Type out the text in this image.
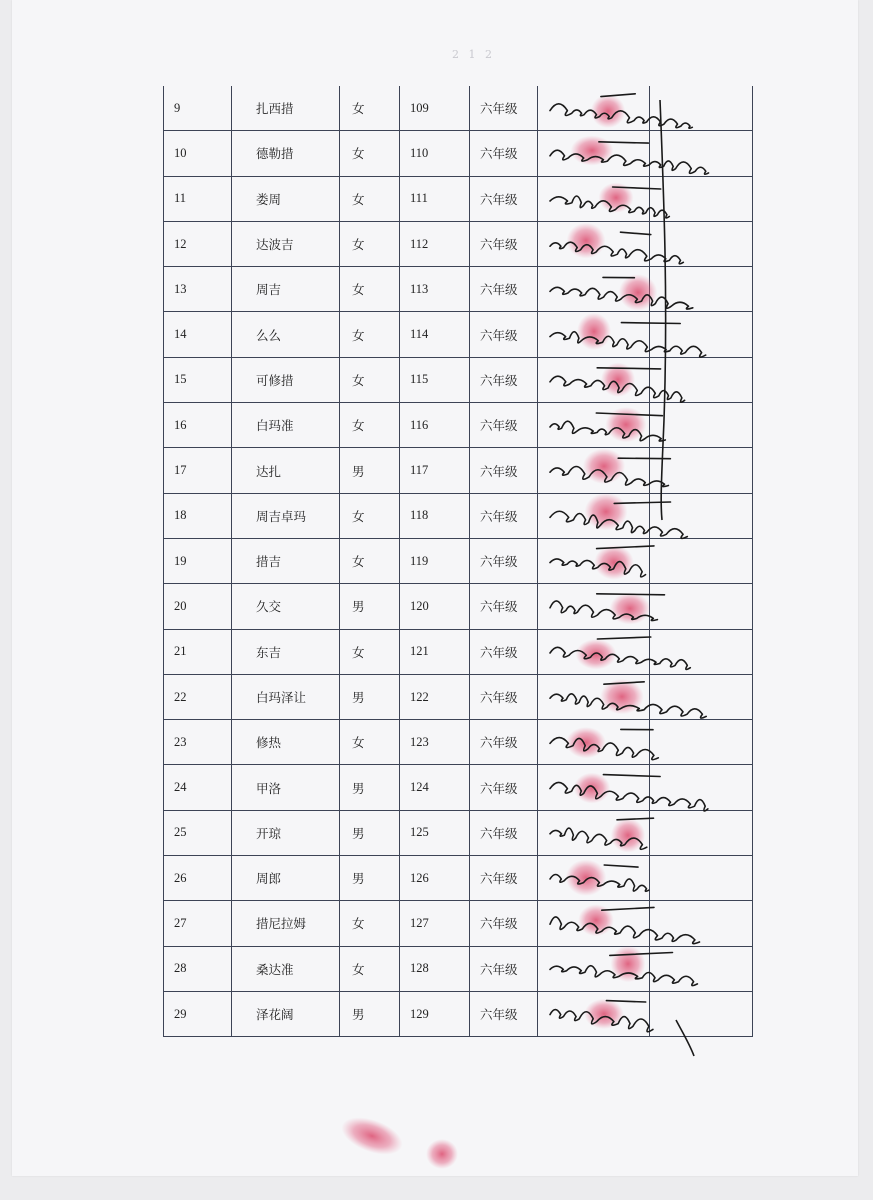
2 1 2
9	扎西措	女	109	六年级		
10	德勒措	女	110	六年级		
11	娄周	女	111	六年级		
12	达波吉	女	112	六年级		
13	周吉	女	113	六年级		
14	么么	女	114	六年级		
15	可修措	女	115	六年级		
16	白玛准	女	116	六年级		
17	达扎	男	117	六年级		
18	周吉卓玛	女	118	六年级		
19	措吉	女	119	六年级		
20	久交	男	120	六年级		
21	东吉	女	121	六年级		
22	白玛泽让	男	122	六年级		
23	修热	女	123	六年级		
24	甲洛	男	124	六年级		
25	开琼	男	125	六年级		
26	周郎	男	126	六年级		
27	措尼拉姆	女	127	六年级		
28	桑达准	女	128	六年级		
29	泽花阔	男	129	六年级		
